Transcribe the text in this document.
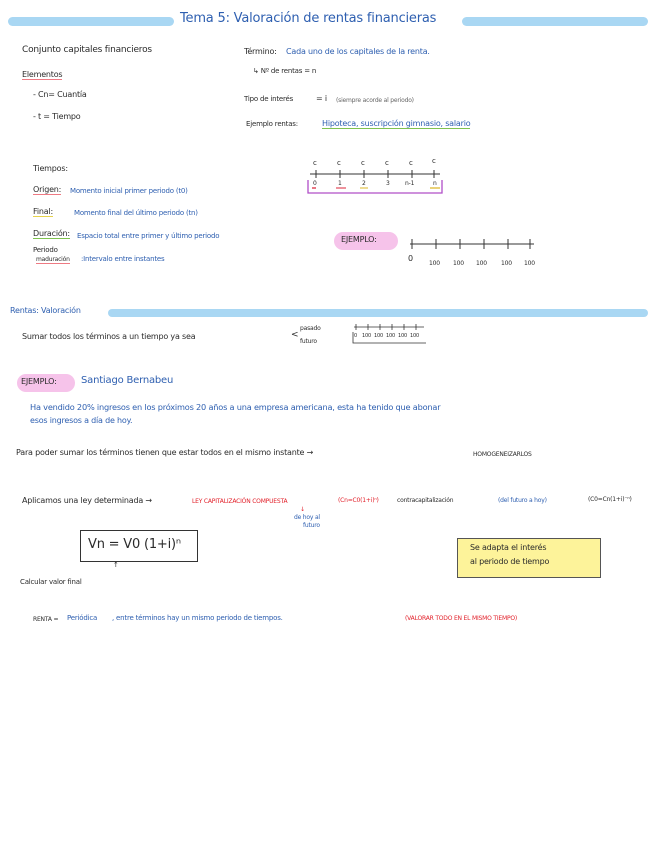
Tema 5: Valoración de rentas financieras
Conjunto capitales financieros
Elementos
- Cn= Cuantía
- t = Tiempo
Término: Cada uno de los capitales de la renta.
↳ Nº de rentas = n
Tipo de interés	= i (siempre acorde al periodo)
Ejemplo rentas:	Hipoteca, suscripción gimnasio, salario
Tiempos:
Origen: Momento inicial primer periodo (t0)
Final:	Momento final del último periodo (tn)
Duración: Espacio total entre primer y último periodo
Periodo
maduración :Intervalo entre instantes
c	c	c	c	c	c
0	1	2	3	n-1	n
EJEMPLO:
0
100 100 100 100 100
Rentas: Valoración
Sumar todos los términos a un tiempo ya sea	<
pasado
futuro
0 100 100 100 100 100
EJEMPLO: Santiago Bernabeu
Ha vendido 20% ingresos en los próximos 20 años a una empresa americana, esta ha tenido que abonar
esos ingresos a día de hoy.
Para poder sumar los términos tienen que estar todos en el mismo instante →	HOMOGENEIZARLOS
Aplicamos una ley determinada →	LEY CAPITALIZACIÓN COMPUESTA	(Cn=C0(1+i)ⁿ)	contracapitalización	(del futuro a hoy)	(C0=Cn(1+i)⁻ⁿ)
↓
de hoy al
futuro
Vn = V0 (1+i)ⁿ
↑
Calcular valor final
Se adapta el interés
al periodo de tiempo
RENTA = Periódica , entre términos hay un mismo periodo de tiempos.	(VALORAR TODO EN EL MISMO TIEMPO)
